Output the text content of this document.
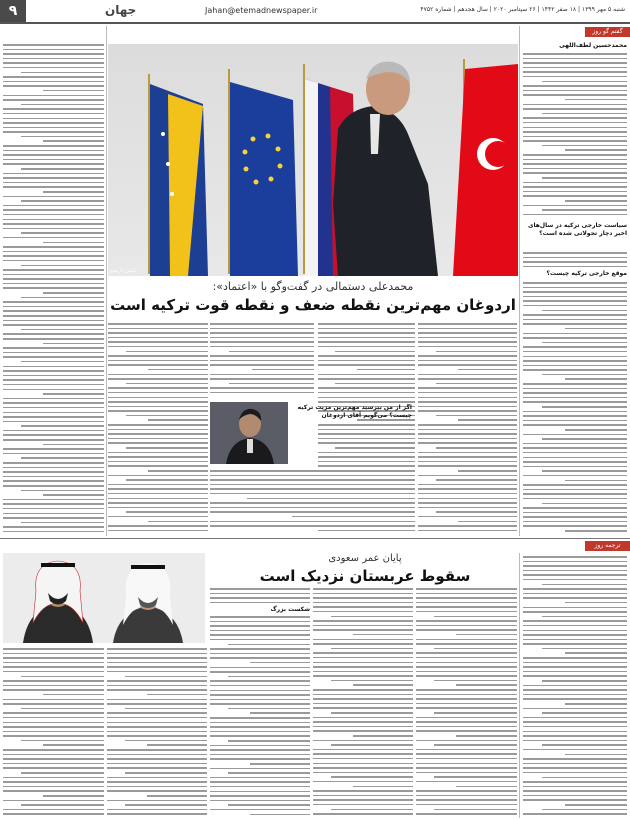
۹	جهان	Jahan@etemadnewspaper.ir	شنبه ۵ مهر ۱۳۹۹ | ۱۸ صفر ۱۴۴۲ | ۲۶ سپتامبر ۲۰۲۰ | سال هجدهم | شماره ۴۷۵۲
گفتم گو روز
محمدحسین لطف‌اللهی
سیاست خارجی ترکیه در سال‌های اخیر دچار تحولاتی شده است؟
موقع خارجی ترکیه چیست؟
عکس: آرشیو
محمدعلی دستمالی در گفت‌وگو با «اعتماد»:
اردوغان مهم‌ترین نقطه ضعف و نقطه قوت ترکیه است
اگر از من بپرسید مهم‌ترین مزیت ترکیه چیست؟ می‌گویم آقای اردوغان
ترجمه روز
پایان عمر سعودی
سقوط عربستان نزدیک است
شکست بزرگ
